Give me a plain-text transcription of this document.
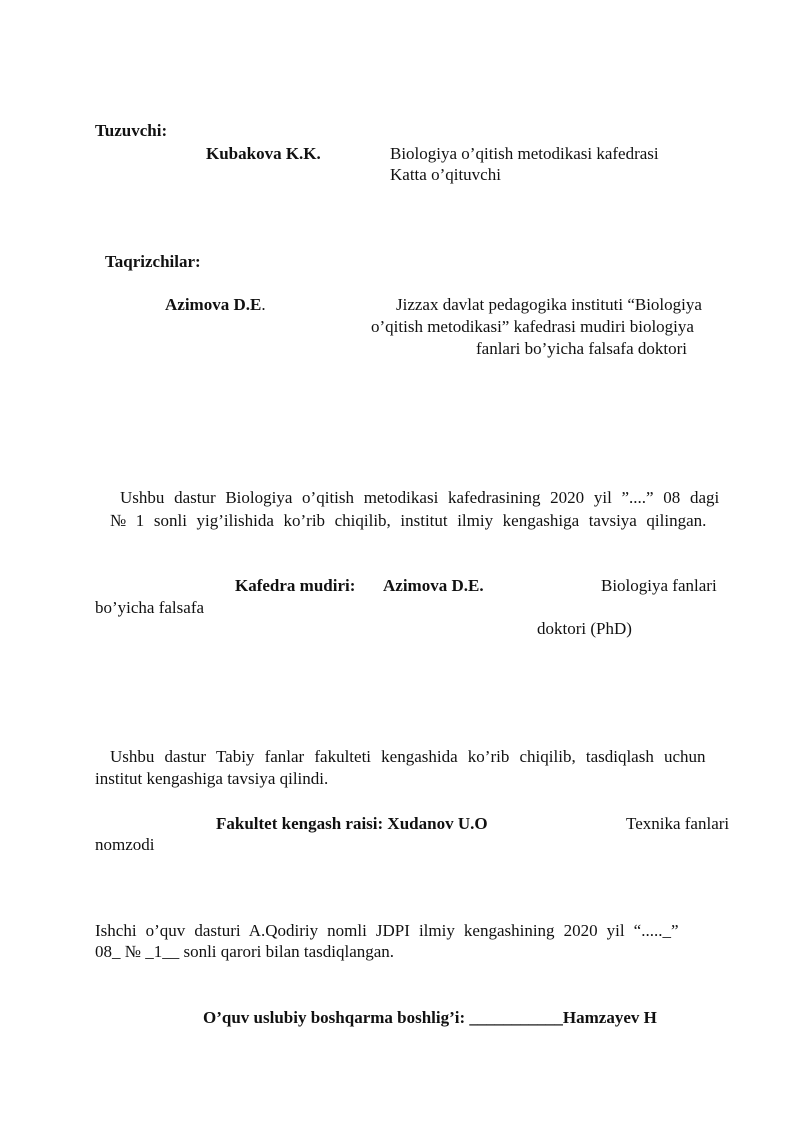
Tuzuvchi:
Kubakova K.K.	Biologiya o’qitish metodikasi kafedrasi
Katta o’qituvchi
Taqrizchilar:
Azimova D.E.	Jizzax davlat pedagogika instituti “Biologiya
o’qitish metodikasi” kafedrasi mudiri biologiya
fanlari bo’yicha falsafa doktori
Ushbu dastur Biologiya o’qitish metodikasi kafedrasining 2020 yil ”....” 08 dagi
№ 1 sonli yig’ilishida ko’rib chiqilib, institut ilmiy kengashiga tavsiya qilingan.
Kafedra mudiri: Azimova D.E.	Biologiya fanlari
bo’yicha falsafa
doktori (PhD)
Ushbu dastur Tabiy fanlar fakulteti kengashida ko’rib chiqilib, tasdiqlash uchun
institut kengashiga tavsiya qilindi.
Fakultet kengash raisi: Xudanov U.O	Texnika fanlari
nomzodi
Ishchi o’quv dasturi A.Qodiriy nomli JDPI ilmiy kengashining 2020 yil “....._”
08_ № _1__ sonli qarori bilan tasdiqlangan.
O’quv uslubiy boshqarma boshlig’i: ___________Hamzayev H
